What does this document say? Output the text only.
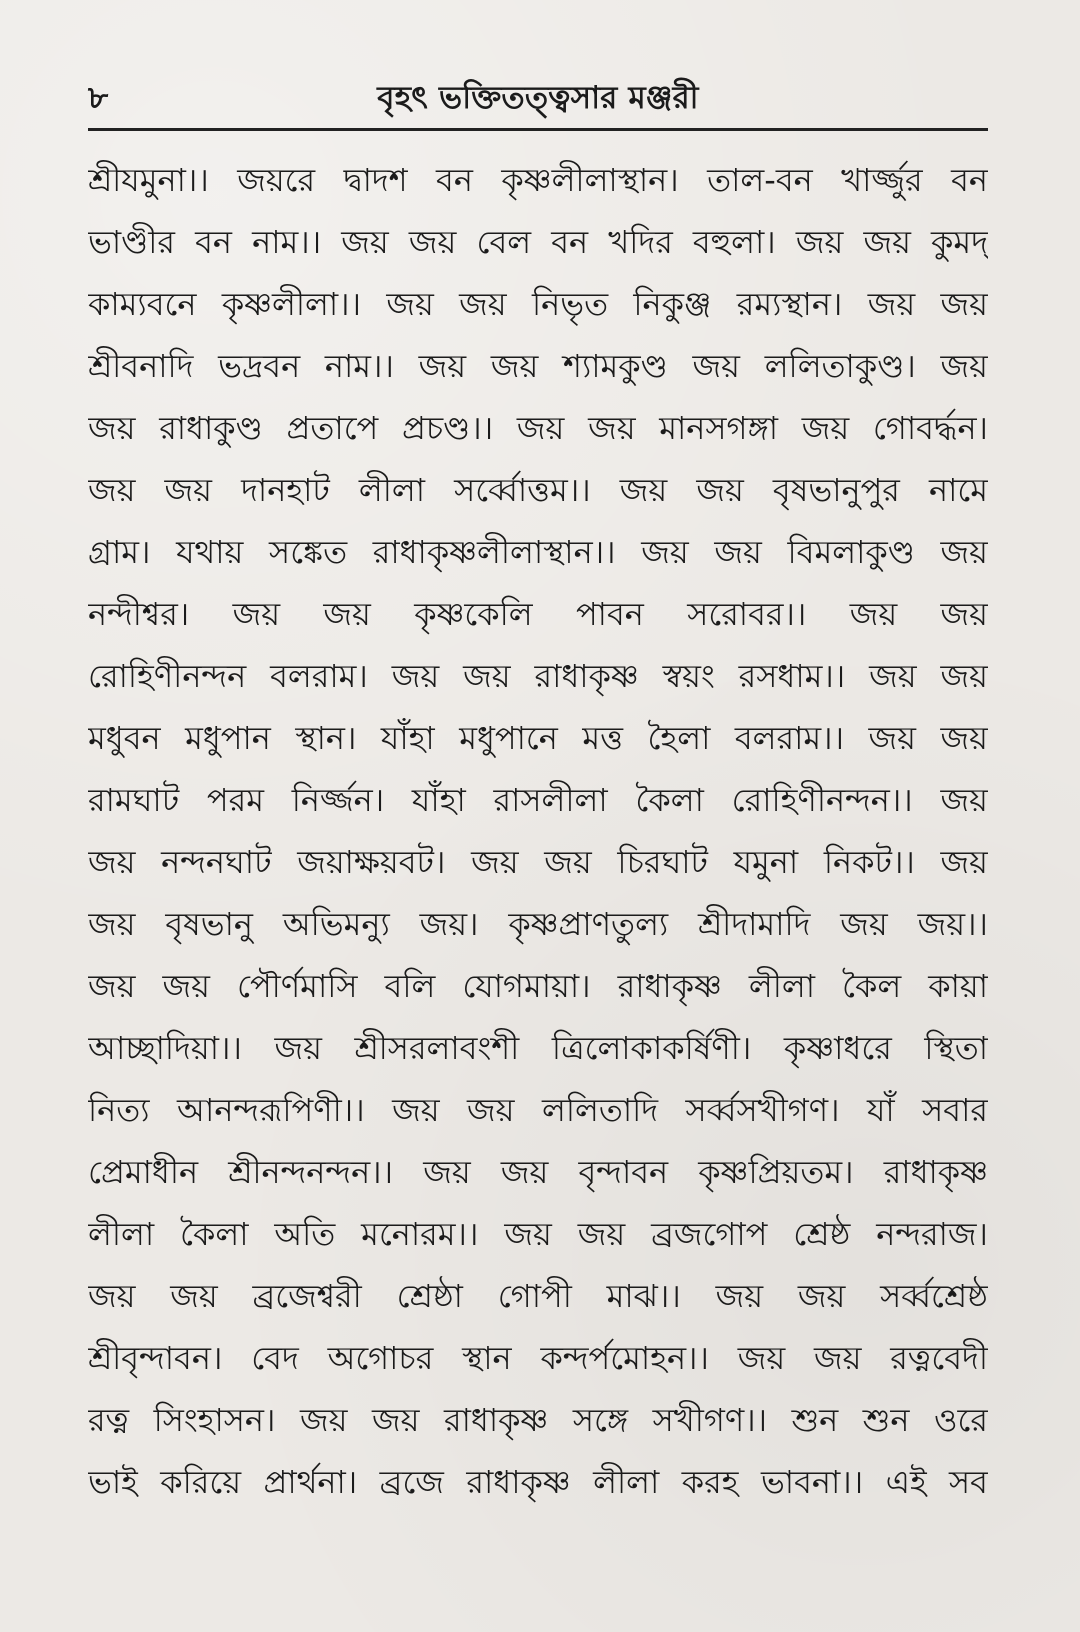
৮	বৃহৎ ভক্তিতত্ত্বসার মঞ্জরী
শ্রীযমুনা।। জয়রে দ্বাদশ বন কৃষ্ণলীলাস্থান। তাল-বন খার্জ্জুর বন
ভাণ্ডীর বন নাম।। জয় জয় বেল বন খদির বহুলা। জয় জয় কুমদ্
কাম্যবনে কৃষ্ণলীলা।। জয় জয় নিভৃত নিকুঞ্জ রম্যস্থান। জয় জয়
শ্রীবনাদি ভদ্রবন নাম।। জয় জয় শ্যামকুণ্ড জয় ললিতাকুণ্ড। জয়
জয় রাধাকুণ্ড প্রতাপে প্রচণ্ড।। জয় জয় মানসগঙ্গা জয় গোবর্দ্ধন।
জয় জয় দানহাট লীলা সর্ব্বোত্তম।। জয় জয় বৃষভানুপুর নামে
গ্রাম। যথায় সঙ্কেত রাধাকৃষ্ণলীলাস্থান।। জয় জয় বিমলাকুণ্ড জয়
নন্দীশ্বর। জয় জয় কৃষ্ণকেলি পাবন সরোবর।। জয় জয়
রোহিণীনন্দন বলরাম। জয় জয় রাধাকৃষ্ণ স্বয়ং রসধাম।। জয় জয়
মধুবন মধুপান স্থান। যাঁহা মধুপানে মত্ত হৈলা বলরাম।। জয় জয়
রামঘাট পরম নির্জ্জন। যাঁহা রাসলীলা কৈলা রোহিণীনন্দন।। জয়
জয় নন্দনঘাট জয়াক্ষয়বট। জয় জয় চিরঘাট যমুনা নিকট।। জয়
জয় বৃষভানু অভিমন্যু জয়। কৃষ্ণপ্রাণতুল্য শ্রীদামাদি জয় জয়।।
জয় জয় পৌর্ণমাসি বলি যোগমায়া। রাধাকৃষ্ণ লীলা কৈল কায়া
আচ্ছাদিয়া।। জয় শ্রীসরলাবংশী ত্রিলোকাকর্ষিণী। কৃষ্ণাধরে স্থিতা
নিত্য আনন্দরূপিণী।। জয় জয় ললিতাদি সর্ব্বসখীগণ। যাঁ সবার
প্রেমাধীন শ্রীনন্দনন্দন।। জয় জয় বৃন্দাবন কৃষ্ণপ্রিয়তম। রাধাকৃষ্ণ
লীলা কৈলা অতি মনোরম।। জয় জয় ব্রজগোপ শ্রেষ্ঠ নন্দরাজ।
জয় জয় ব্রজেশ্বরী শ্রেষ্ঠা গোপী মাঝ।। জয় জয় সর্ব্বশ্রেষ্ঠ
শ্রীবৃন্দাবন। বেদ অগোচর স্থান কন্দর্পমোহন।। জয় জয় রত্নবেদী
রত্ন সিংহাসন। জয় জয় রাধাকৃষ্ণ সঙ্গে সখীগণ।। শুন শুন ওরে
ভাই করিয়ে প্রার্থনা। ব্রজে রাধাকৃষ্ণ লীলা করহ ভাবনা।। এই সব
